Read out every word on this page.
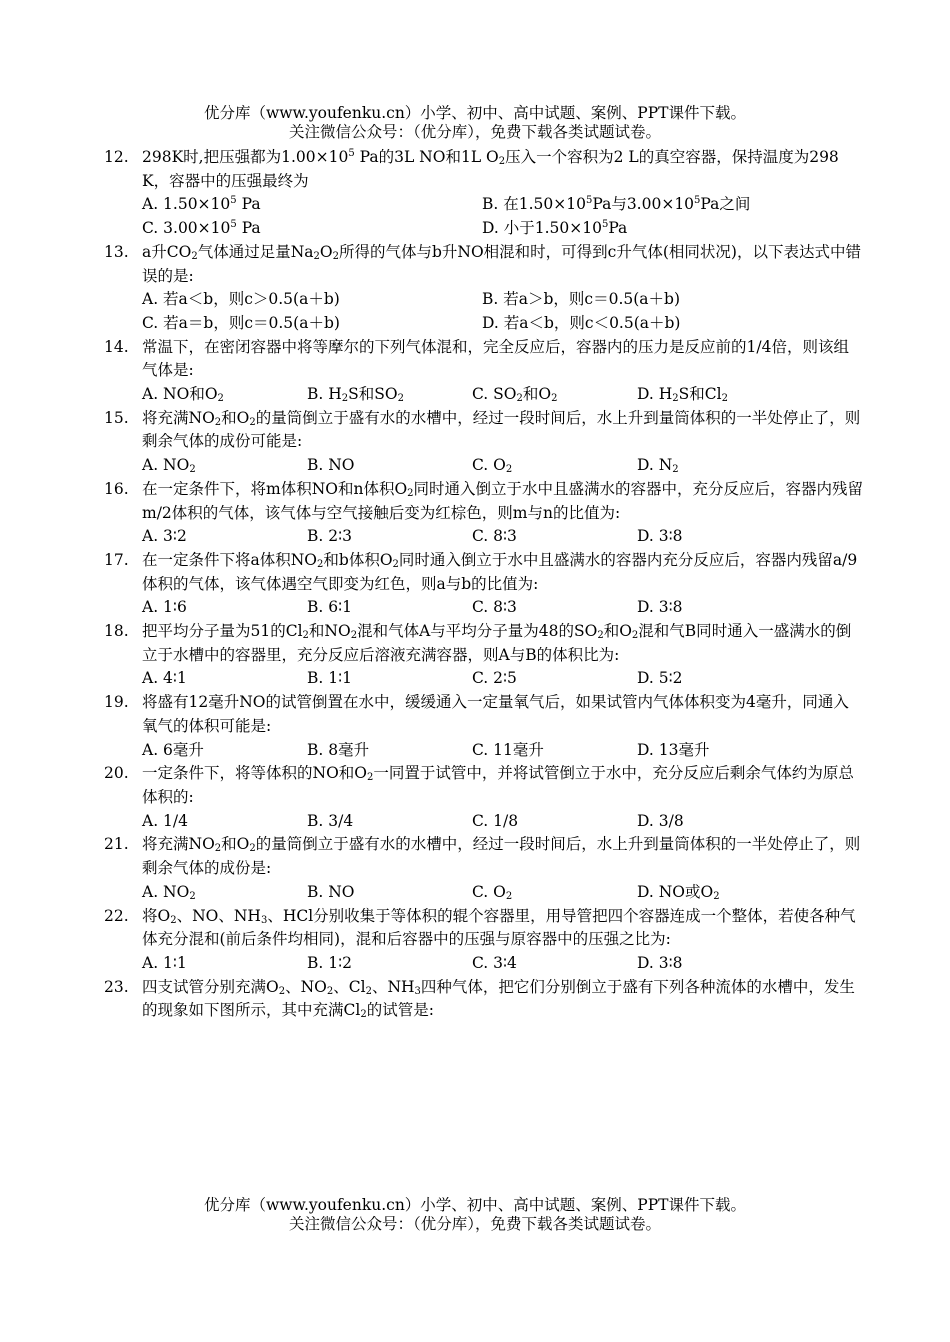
优分库（www.youfenku.cn）小学、初中、高中试题、案例、PPT课件下载。
关注微信公众号：（优分库），免费下载各类试题试卷。
12. 298K时,把压强都为$1.00\times 10^5$ Pa的3L NO和1L $O_2$压入一个容积为2 L的真空容器，保持温度为298 K，容器中的压强最终为
A. $1.50\times 10^5$ Pa	B. 在$1.50\times 10^5Pa$与$3.00\times 10^5Pa$之间
C. $3.00\times 10^5$ Pa	D. 小于$1.50\times 10^5Pa$
13. a升$CO_2$气体通过足量$Na_2O_2$所得的气体与b升NO相混和时，可得到c升气体(相同状况)，以下表达式中错误的是:
A. 若a＜b，则c＞0.5(a＋b)	B. 若a＞b，则c＝0.5(a＋b)
C. 若a＝b，则c＝0.5(a＋b)	D. 若a＜b，则c＜0.5(a＋b)
14. 常温下，在密闭容器中将等摩尔的下列气体混和，完全反应后，容器内的压力是反应前的1/4倍，则该组气体是:
A. NO和$O_2$	B. $H_2S$和$SO_2$	C. $SO_2$和$O_2$	D. $H_2S$和$Cl_2$
15. 将充满$NO_2$和$O_2$的量筒倒立于盛有水的水槽中，经过一段时间后，水上升到量筒体积的一半处停止了，则剩余气体的成份可能是:
A. $NO_2$	B. NO	C. $O_2$	D. $N_2$
16. 在一定条件下，将m体积NO和n体积$O_2$同时通入倒立于水中且盛满水的容器中，充分反应后，容器内残留m/2体积的气体，该气体与空气接触后变为红棕色，则m与n的比值为:
A. 3∶2	B. 2∶3	C. 8∶3	D. 3∶8
17. 在一定条件下将a体积$NO_2$和b体积$O_2$同时通入倒立于水中且盛满水的容器内充分反应后，容器内残留a/9体积的气体，该气体遇空气即变为红色，则a与b的比值为:
A. 1∶6	B. 6∶1	C. 8∶3	D. 3∶8
18. 把平均分子量为51的$Cl_2$和$NO_2$混和气体A与平均分子量为48的$SO_2$和$O_2$混和气B同时通入一盛满水的倒立于水槽中的容器里，充分反应后溶液充满容器，则A与B的体积比为:
A. 4∶1	B. 1∶1	C. 2∶5	D. 5∶2
19. 将盛有12毫升NO的试管倒置在水中，缓缓通入一定量氧气后，如果试管内气体体积变为4毫升，同通入氧气的体积可能是:
A. 6毫升	B. 8毫升	C. 11毫升	D. 13毫升
20. 一定条件下，将等体积的NO和$O_2$一同置于试管中，并将试管倒立于水中，充分反应后剩余气体约为原总体积的:
A. 1/4	B. 3/4	C. 1/8	D. 3/8
21. 将充满$NO_2$和$O_2$的量筒倒立于盛有水的水槽中，经过一段时间后，水上升到量筒体积的一半处停止了，则剩余气体的成份是:
A. $NO_2$	B. NO	C. $O_2$	D. NO或$O_2$
22. 将$O_2$、NO、$NH_3$、HCl分别收集于等体积的辊个容器里，用导管把四个容器连成一个整体，若使各种气体充分混和(前后条件均相同)，混和后容器中的压强与原容器中的压强之比为:
A. 1∶1	B. 1∶2	C. 3∶4	D. 3∶8
23. 四支试管分别充满$O_2$、$NO_2$、$Cl_2$、$NH_3$四种气体，把它们分别倒立于盛有下列各种流体的水槽中，发生的现象如下图所示，其中充满$Cl_2$的试管是:
优分库（www.youfenku.cn）小学、初中、高中试题、案例、PPT课件下载。
关注微信公众号：（优分库），免费下载各类试题试卷。
